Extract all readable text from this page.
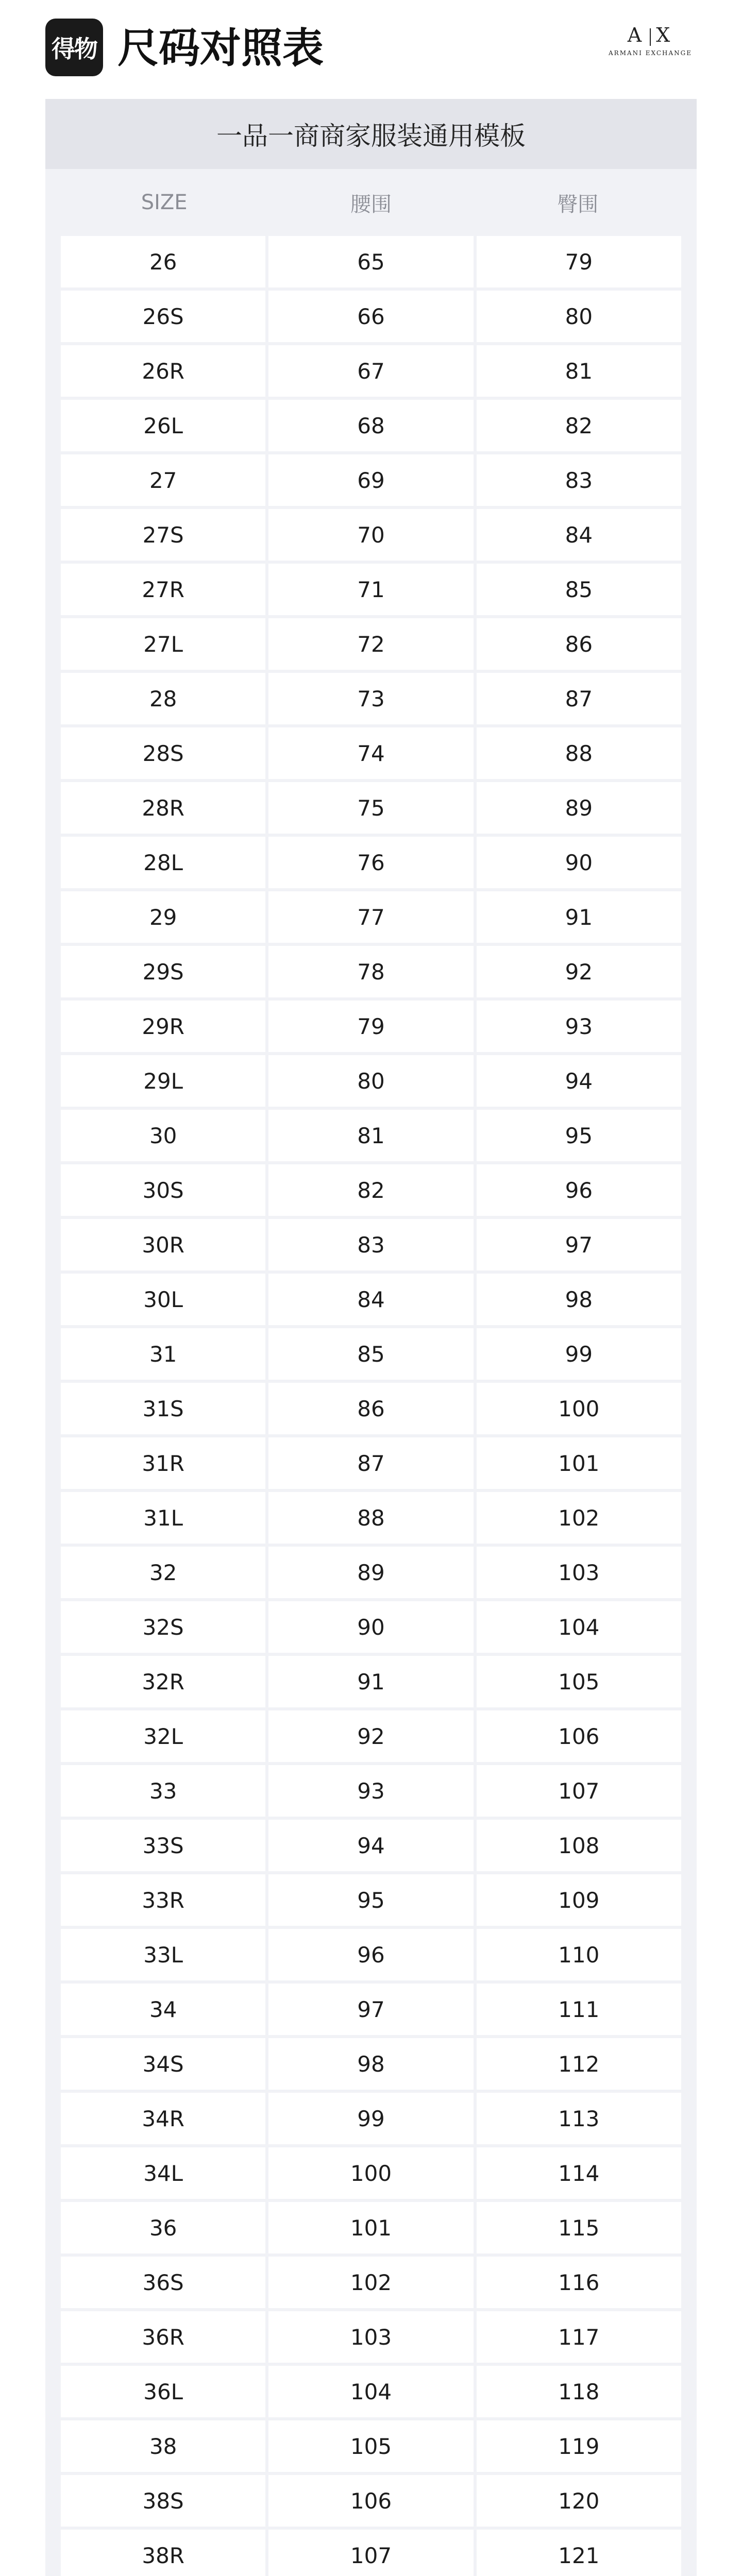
得物 尺码对照表	A X
ARMANI EXCHANGE
一品一商商家服装通用模板
SIZE	腰围	臀围
26	65	79
26S	66	80
26R	67	81
26L	68	82
27	69	83
27S	70	84
27R	71	85
27L	72	86
28	73	87
28S	74	88
28R	75	89
28L	76	90
29	77	91
29S	78	92
29R	79	93
29L	80	94
30	81	95
30S	82	96
30R	83	97
30L	84	98
31	85	99
31S	86	100
31R	87	101
31L	88	102
32	89	103
32S	90	104
32R	91	105
32L	92	106
33	93	107
33S	94	108
33R	95	109
33L	96	110
34	97	111
34S	98	112
34R	99	113
34L	100	114
36	101	115
36S	102	116
36R	103	117
36L	104	118
38	105	119
38S	106	120
38R	107	121
